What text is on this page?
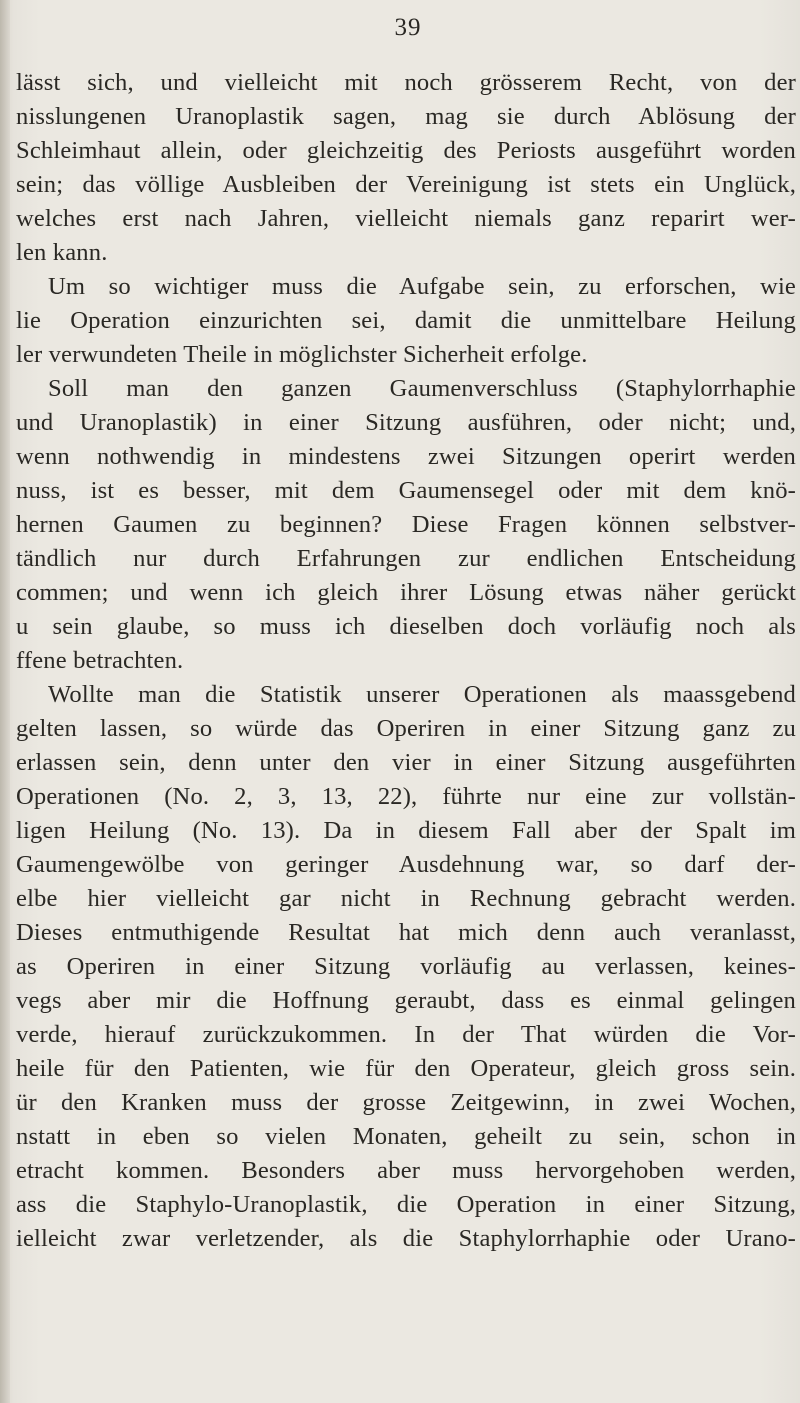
39
lässt sich, und vielleicht mit noch grösserem Recht, von der
nisslungenen Uranoplastik sagen, mag sie durch Ablösung der
Schleimhaut allein, oder gleichzeitig des Periosts ausgeführt worden
sein; das völlige Ausbleiben der Vereinigung ist stets ein Unglück,
welches erst nach Jahren, vielleicht niemals ganz reparirt wer-
len kann.
Um so wichtiger muss die Aufgabe sein, zu erforschen, wie
lie Operation einzurichten sei, damit die unmittelbare Heilung
ler verwundeten Theile in möglichster Sicherheit erfolge.
Soll man den ganzen Gaumenverschluss (Staphylorrhaphie
und Uranoplastik) in einer Sitzung ausführen, oder nicht; und,
wenn nothwendig in mindestens zwei Sitzungen operirt werden
nuss, ist es besser, mit dem Gaumensegel oder mit dem knö-
hernen Gaumen zu beginnen? Diese Fragen können selbstver-
tändlich nur durch Erfahrungen zur endlichen Entscheidung
commen; und wenn ich gleich ihrer Lösung etwas näher gerückt
u sein glaube, so muss ich dieselben doch vorläufig noch als
ffene betrachten.
Wollte man die Statistik unserer Operationen als maassgebend
gelten lassen, so würde das Operiren in einer Sitzung ganz zu
erlassen sein, denn unter den vier in einer Sitzung ausgeführten
Operationen (No. 2, 3, 13, 22), führte nur eine zur vollstän-
ligen Heilung (No. 13). Da in diesem Fall aber der Spalt im
Gaumengewölbe von geringer Ausdehnung war, so darf der-
elbe hier vielleicht gar nicht in Rechnung gebracht werden.
Dieses entmuthigende Resultat hat mich denn auch veranlasst,
as Operiren in einer Sitzung vorläufig au verlassen, keines-
vegs aber mir die Hoffnung geraubt, dass es einmal gelingen
verde, hierauf zurückzukommen. In der That würden die Vor-
heile für den Patienten, wie für den Operateur, gleich gross sein.
ür den Kranken muss der grosse Zeitgewinn, in zwei Wochen,
nstatt in eben so vielen Monaten, geheilt zu sein, schon in
etracht kommen. Besonders aber muss hervorgehoben werden,
ass die Staphylo-Uranoplastik, die Operation in einer Sitzung,
ielleicht zwar verletzender, als die Staphylorrhaphie oder Urano-
